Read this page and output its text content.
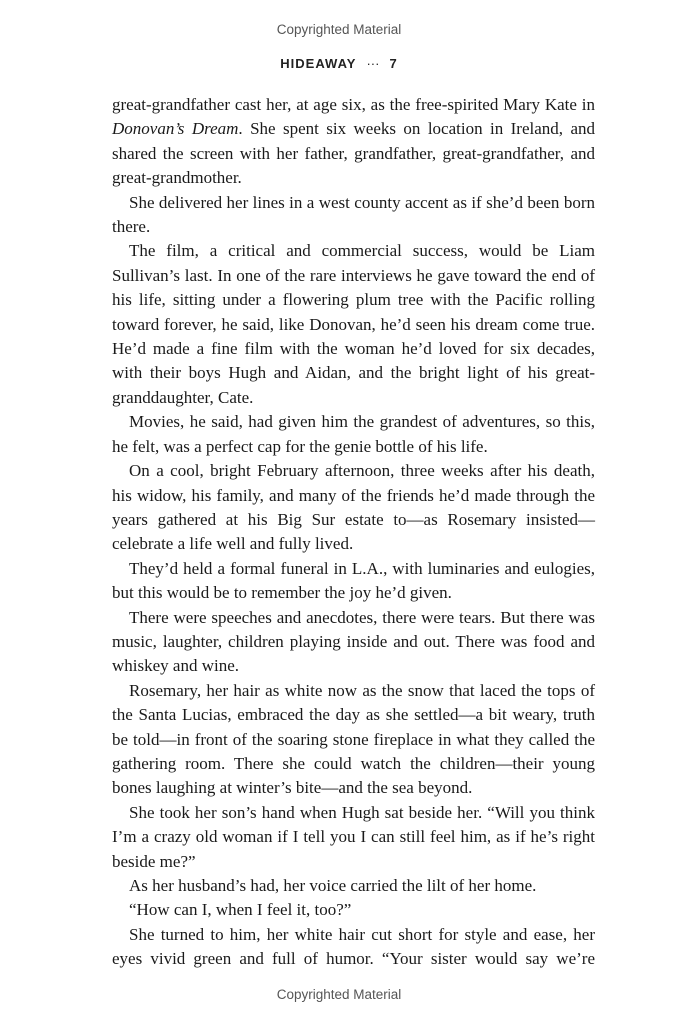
Copyrighted Material
HIDEAWAY ··· 7

great-grandfather cast her, at age six, as the free-spirited Mary Kate in Donovan’s Dream. She spent six weeks on location in Ireland, and shared the screen with her father, grandfather, great-grandfather, and great-grandmother.

She delivered her lines in a west county accent as if she’d been born there.

The film, a critical and commercial success, would be Liam Sullivan’s last. In one of the rare interviews he gave toward the end of his life, sitting under a flowering plum tree with the Pacific rolling toward forever, he said, like Donovan, he’d seen his dream come true. He’d made a fine film with the woman he’d loved for six decades, with their boys Hugh and Aidan, and the bright light of his great-granddaughter, Cate.

Movies, he said, had given him the grandest of adventures, so this, he felt, was a perfect cap for the genie bottle of his life.

On a cool, bright February afternoon, three weeks after his death, his widow, his family, and many of the friends he’d made through the years gathered at his Big Sur estate to—as Rosemary insisted—celebrate a life well and fully lived.

They’d held a formal funeral in L.A., with luminaries and eulogies, but this would be to remember the joy he’d given.

There were speeches and anecdotes, there were tears. But there was music, laughter, children playing inside and out. There was food and whiskey and wine.

Rosemary, her hair as white now as the snow that laced the tops of the Santa Lucias, embraced the day as she settled—a bit weary, truth be told—in front of the soaring stone fireplace in what they called the gathering room. There she could watch the children—their young bones laughing at winter’s bite—and the sea beyond.

She took her son’s hand when Hugh sat beside her. “Will you think I’m a crazy old woman if I tell you I can still feel him, as if he’s right beside me?”

As her husband’s had, her voice carried the lilt of her home.

“How can I, when I feel it, too?”

She turned to him, her white hair cut short for style and ease, her eyes vivid green and full of humor. “Your sister would say we’re

Copyrighted Material
